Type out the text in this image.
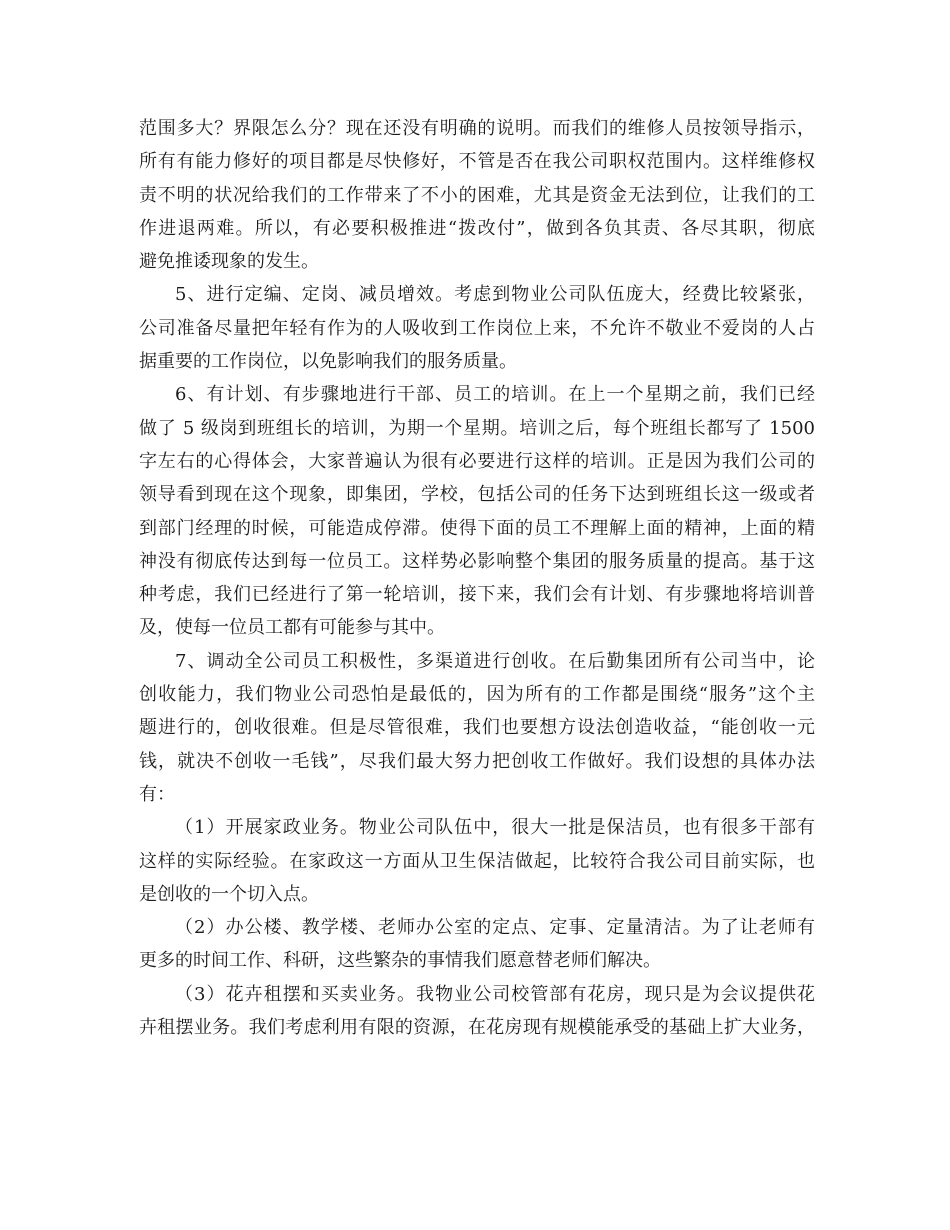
范围多大？界限怎么分？现在还没有明确的说明。而我们的维修人员按领导指示，
所有有能力修好的项目都是尽快修好，不管是否在我公司职权范围内。这样维修权
责不明的状况给我们的工作带来了不小的困难，尤其是资金无法到位，让我们的工
作进退两难。所以，有必要积极推进“拨改付”，做到各负其责、各尽其职，彻底
避免推诿现象的发生。
5、进行定编、定岗、减员增效。考虑到物业公司队伍庞大，经费比较紧张，
公司准备尽量把年轻有作为的人吸收到工作岗位上来，不允许不敬业不爱岗的人占
据重要的工作岗位，以免影响我们的服务质量。
6、有计划、有步骤地进行干部、员工的培训。在上一个星期之前，我们已经
做了 5 级岗到班组长的培训，为期一个星期。培训之后，每个班组长都写了 1500
字左右的心得体会，大家普遍认为很有必要进行这样的培训。正是因为我们公司的
领导看到现在这个现象，即集团，学校，包括公司的任务下达到班组长这一级或者
到部门经理的时候，可能造成停滞。使得下面的员工不理解上面的精神，上面的精
神没有彻底传达到每一位员工。这样势必影响整个集团的服务质量的提高。基于这
种考虑，我们已经进行了第一轮培训，接下来，我们会有计划、有步骤地将培训普
及，使每一位员工都有可能参与其中。
7、调动全公司员工积极性，多渠道进行创收。在后勤集团所有公司当中，论
创收能力，我们物业公司恐怕是最低的，因为所有的工作都是围绕“服务”这个主
题进行的，创收很难。但是尽管很难，我们也要想方设法创造收益，“能创收一元
钱，就决不创收一毛钱”，尽我们最大努力把创收工作做好。我们设想的具体办法
有：
（1）开展家政业务。物业公司队伍中，很大一批是保洁员，也有很多干部有
这样的实际经验。在家政这一方面从卫生保洁做起，比较符合我公司目前实际，也
是创收的一个切入点。
（2）办公楼、教学楼、老师办公室的定点、定事、定量清洁。为了让老师有
更多的时间工作、科研，这些繁杂的事情我们愿意替老师们解决。
（3）花卉租摆和买卖业务。我物业公司校管部有花房，现只是为会议提供花
卉租摆业务。我们考虑利用有限的资源，在花房现有规模能承受的基础上扩大业务，
